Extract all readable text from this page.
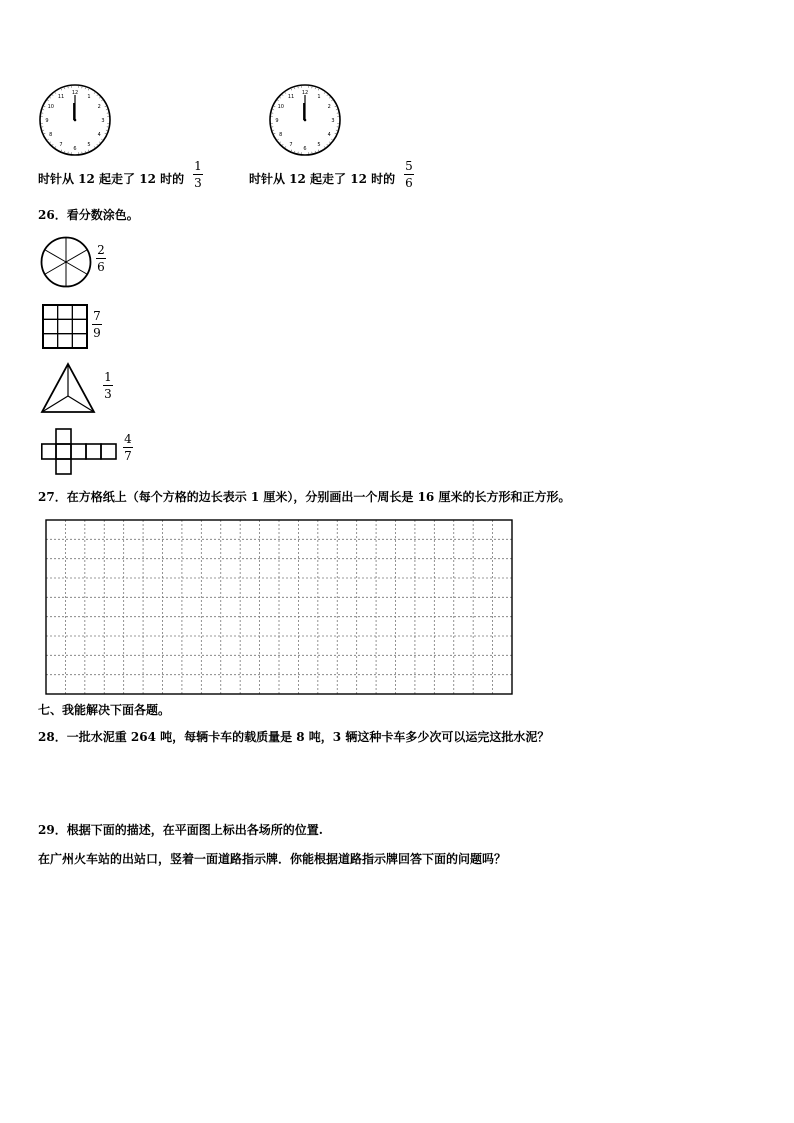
12
1
2
3
4
5
6
7
8
9
10
11
12
1
2
3
4
5
6
7
8
9
10
11
时针从 12 起走了 12 时的
1
3	时针从 12 起走了 12 时的
5
6
26．看分数涂色。
2
6
7
9
1
3
4
7
27．在方格纸上（每个方格的边长表示 1 厘米），分别画出一个周长是 16 厘米的长方形和正方形。
七、我能解决下面各题。
28．一批水泥重 264 吨，每辆卡车的载质量是 8 吨，3 辆这种卡车多少次可以运完这批水泥？
29．根据下面的描述，在平面图上标出各场所的位置.
在广州火车站的出站口，竖着一面道路指示牌．你能根据道路指示牌回答下面的问题吗？
